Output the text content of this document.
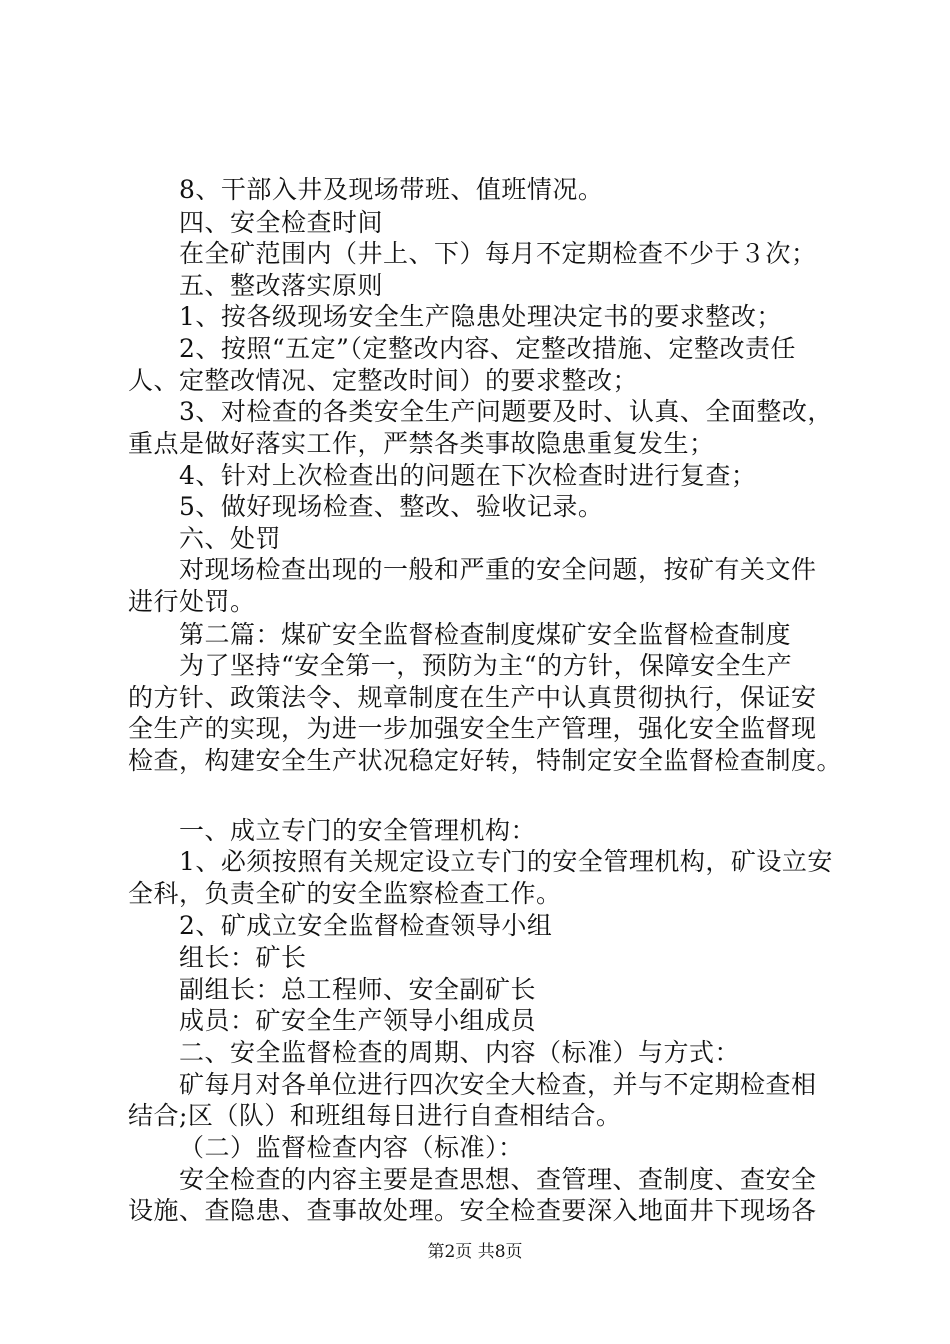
8、干部入井及现场带班、值班情况。
四、安全检查时间
在全矿范围内（井上、下）每月不定期检查不少于３次；
五、整改落实原则
1、按各级现场安全生产隐患处理决定书的要求整改；
2、按照“五定”（定整改内容、定整改措施、定整改责任
人、定整改情况、定整改时间）的要求整改；
3、对检查的各类安全生产问题要及时、认真、全面整改，
重点是做好落实工作，严禁各类事故隐患重复发生；
4、针对上次检查出的问题在下次检查时进行复查；
5、做好现场检查、整改、验收记录。
六、处罚
对现场检查出现的一般和严重的安全问题，按矿有关文件
进行处罚。
第二篇：煤矿安全监督检查制度煤矿安全监督检查制度
为了坚持“安全第一，预防为主“的方针，保障安全生产
的方针、政策法令、规章制度在生产中认真贯彻执行，保证安
全生产的实现，为进一步加强安全生产管理，强化安全监督现
检查，构建安全生产状况稳定好转，特制定安全监督检查制度。
一、成立专门的安全管理机构：
1、必须按照有关规定设立专门的安全管理机构，矿设立安
全科，负责全矿的安全监察检查工作。
2、矿成立安全监督检查领导小组
组长：矿长
副组长：总工程师、安全副矿长
成员：矿安全生产领导小组成员
二、安全监督检查的周期、内容（标准）与方式：
矿每月对各单位进行四次安全大检查，并与不定期检查相
结合;区（队）和班组每日进行自查相结合。
（二）监督检查内容（标准）：
安全检查的内容主要是查思想、查管理、查制度、查安全
设施、查隐患、查事故处理。安全检查要深入地面井下现场各
第2页 共8页
